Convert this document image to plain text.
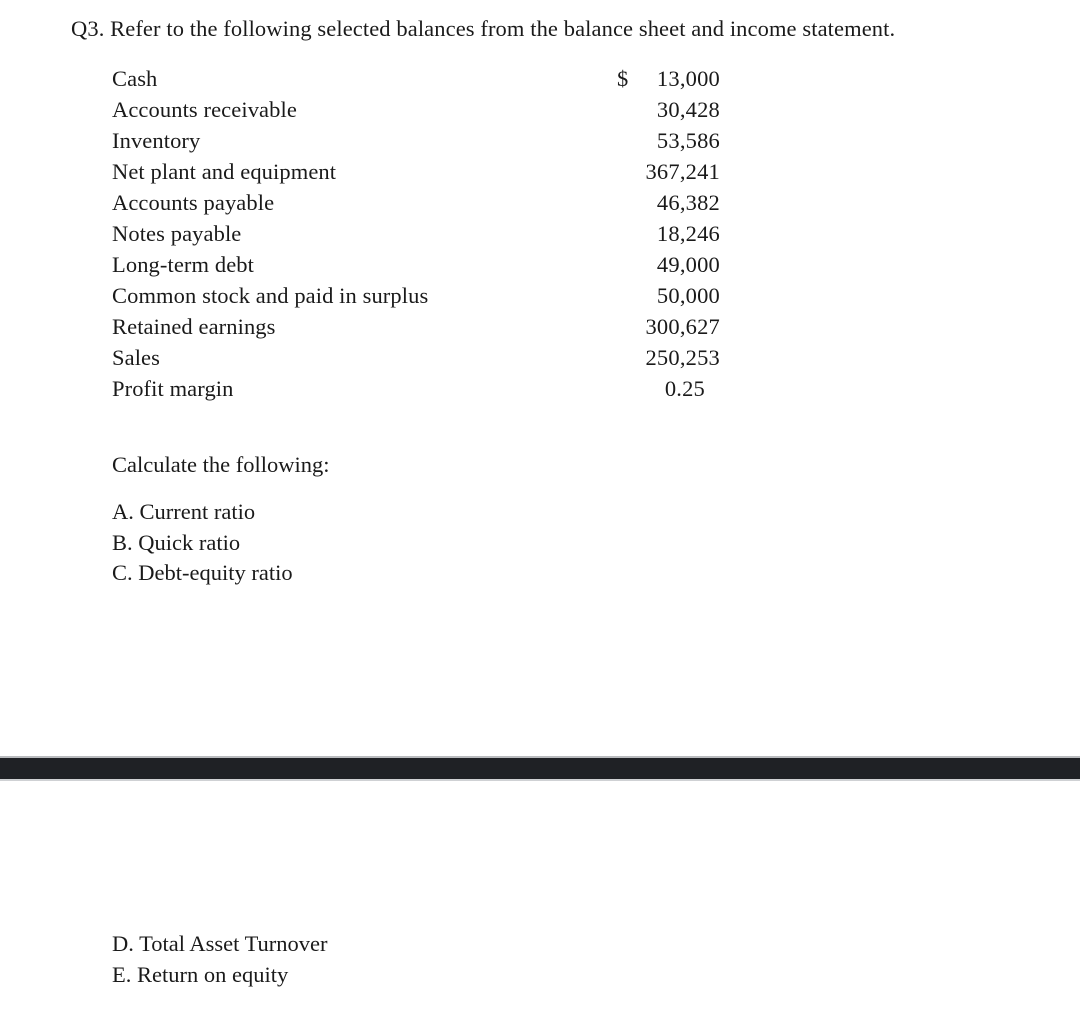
Q3. Refer to the following selected balances from the balance sheet and income statement.
Cash	$	13,000
Accounts receivable	30,428
Inventory	53,586
Net plant and equipment	367,241
Accounts payable	46,382
Notes payable	18,246
Long-term debt	49,000
Common stock and paid in surplus	50,000
Retained earnings	300,627
Sales	250,253
Profit margin	0.25
Calculate the following:
A. Current ratio
B. Quick ratio
C. Debt-equity ratio
D. Total Asset Turnover
E. Return on equity
